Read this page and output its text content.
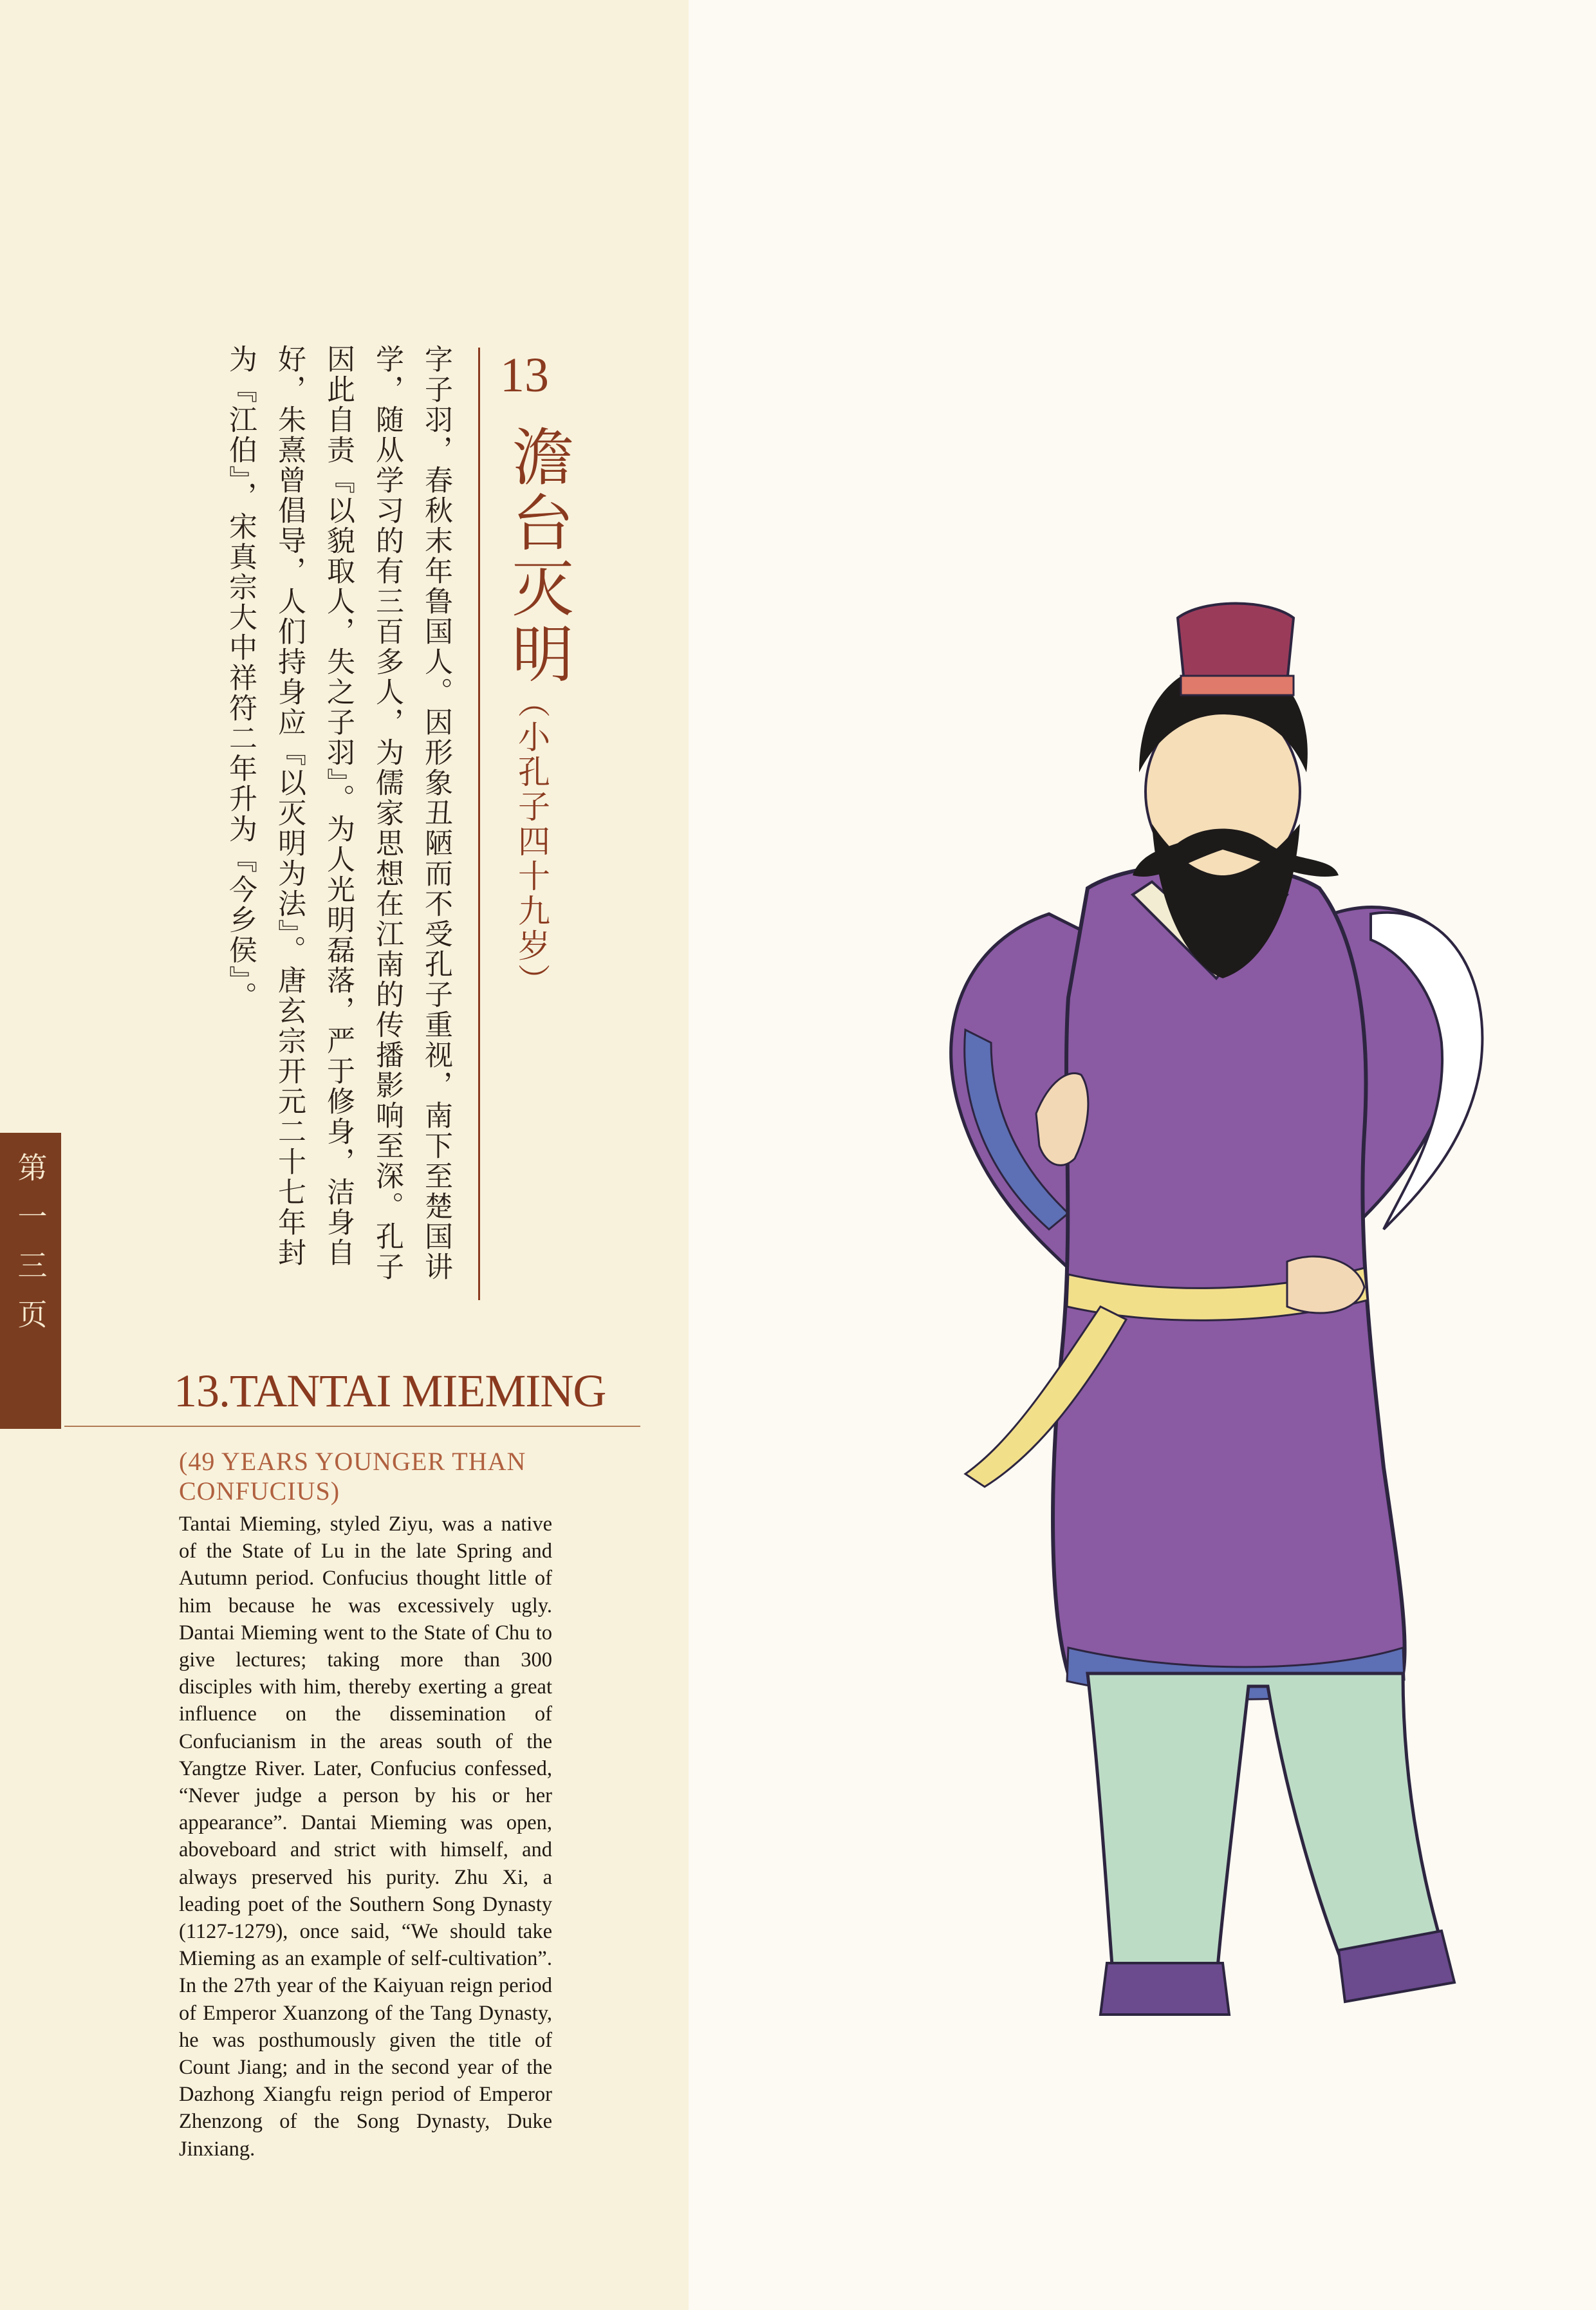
13
澹台灭明
（小孔子四十九岁）
字子羽，春秋末年鲁国人。因形象丑陋而不受孔子重视，南下至楚国讲学，随从学习的有三百多人，为儒家思想在江南的传播影响至深。孔子因此自责『以貌取人，失之子羽』。为人光明磊落，严于修身，洁身自好，朱熹曾倡导，人们持身应『以灭明为法』。唐玄宗开元二十七年封为『江伯』，宋真宗大中祥符二年升为『今乡侯』。
第一三页
13.TANTAI MIEMING
(49 YEARS YOUNGER THAN CONFUCIUS)
Tantai Mieming, styled Ziyu, was a native of the State of Lu in the late Spring and Autumn period. Confucius thought little of him because he was excessively ugly. Dantai Mieming went to the State of Chu to give lectures; taking more than 300 disciples with him, thereby exerting a great influence on the dissemination of Confucianism in the areas south of the Yangtze River. Later, Confucius confessed, “Never judge a person by his or her appearance”. Dantai Mieming was open, aboveboard and strict with himself, and always preserved his purity. Zhu Xi, a leading poet of the Southern Song Dynasty (1127-1279), once said, “We should take Mieming as an example of self-cultivation”. In the 27th year of the Kaiyuan reign period of Emperor Xuanzong of the Tang Dynasty, he was posthumously given the title of Count Jiang; and in the second year of the Dazhong Xiangfu reign period of Emperor Zhenzong of the Song Dynasty, Duke Jinxiang.
